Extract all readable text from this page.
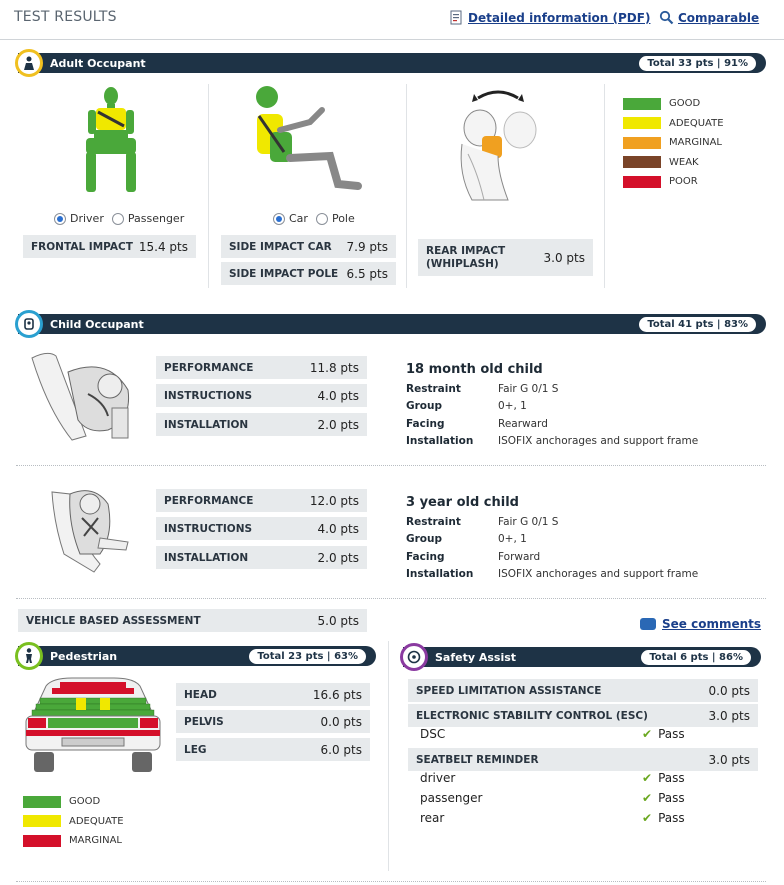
TEST RESULTS	Detailed information (PDF) Comparable
Adult Occupant	Total 33 pts | 91%
Driver Passenger
FRONTAL IMPACT 15.4 pts
Car Pole
SIDE IMPACT CAR 7.9 pts
SIDE IMPACT POLE 6.5 pts
REAR IMPACT
(WHIPLASH)	3.0 pts
GOOD
ADEQUATE
MARGINAL
WEAK
POOR
Child Occupant	Total 41 pts | 83%
PERFORMANCE	11.8 pts
INSTRUCTIONS	4.0 pts
INSTALLATION	2.0 pts
18 month old child
Restraint	Fair G 0/1 S
Group	0+, 1
Facing	Rearward
Installation	ISOFIX anchorages and support frame
PERFORMANCE	12.0 pts
INSTRUCTIONS	4.0 pts
INSTALLATION	2.0 pts
3 year old child
Restraint	Fair G 0/1 S
Group	0+, 1
Facing	Forward
Installation	ISOFIX anchorages and support frame
VEHICLE BASED ASSESSMENT	5.0 pts	See comments
Pedestrian	Total 23 pts | 63%
HEAD	16.6 pts
PELVIS	0.0 pts
LEG	6.0 pts
GOOD
ADEQUATE
MARGINAL
Safety Assist	Total 6 pts | 86%
SPEED LIMITATION ASSISTANCE	0.0 pts
ELECTRONIC STABILITY CONTROL (ESC)	3.0 pts
DSC	✔ Pass
SEATBELT REMINDER	3.0 pts
driver	✔ Pass
passenger	✔ Pass
rear	✔ Pass
